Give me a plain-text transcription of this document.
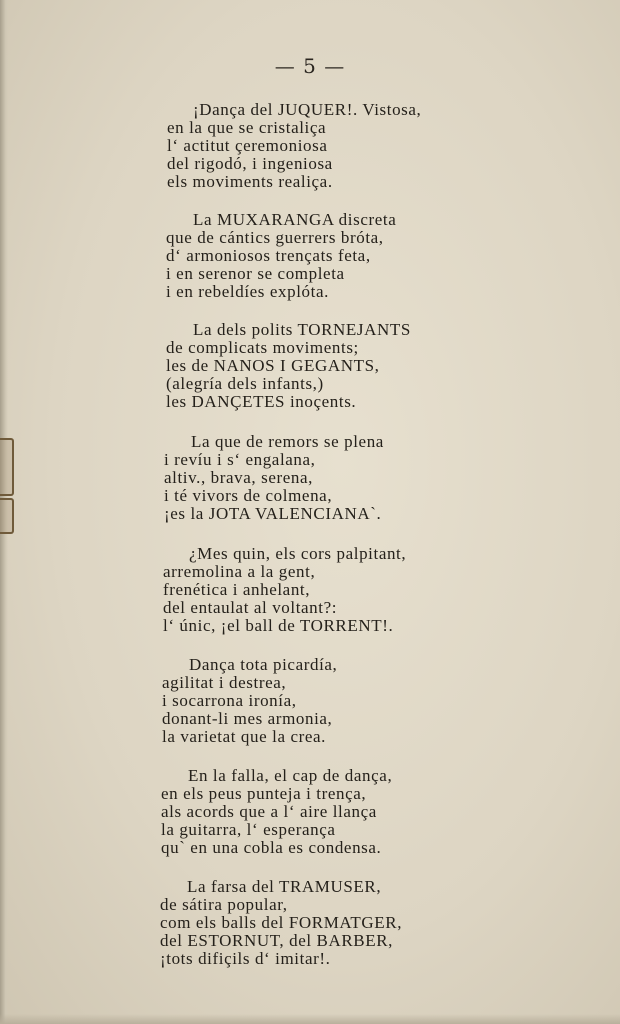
— 5 —
¡Dança del JUQUER!. Vistosa,
en la que se cristaliça
l‘ actitut çeremoniosa
del rigodó, i ingeniosa
els moviments realiça.
La MUXARANGA discreta
que de cántics guerrers bróta,
d‘ armoniosos trençats feta,
i en serenor se completa
i en rebeldíes explóta.
La dels polits TORNEJANTS
de complicats moviments;
les de NANOS I GEGANTS,
(alegría dels infants,)
les DANÇETES inoçents.
La que de remors se plena
i revíu i s‘ engalana,
altiv., brava, serena,
i té vivors de colmena,
¡es la JOTA VALENCIANA`.
¿Mes quin, els cors palpitant,
arremolina a la gent,
frenética i anhelant,
del entaulat al voltant?:
l‘ únic, ¡el ball de TORRENT!.
Dança tota picardía,
agilitat i destrea,
i socarrona ironía,
donant-li mes armonia,
la varietat que la crea.
En la falla, el cap de dança,
en els peus punteja i trença,
als acords que a l‘ aire llança
la guitarra, l‘ esperança
qu` en una cobla es condensa.
La farsa del TRAMUSER,
de sátira popular,
com els balls del FORMATGER,
del ESTORNUT, del BARBER,
¡tots difiçils d‘ imitar!.
